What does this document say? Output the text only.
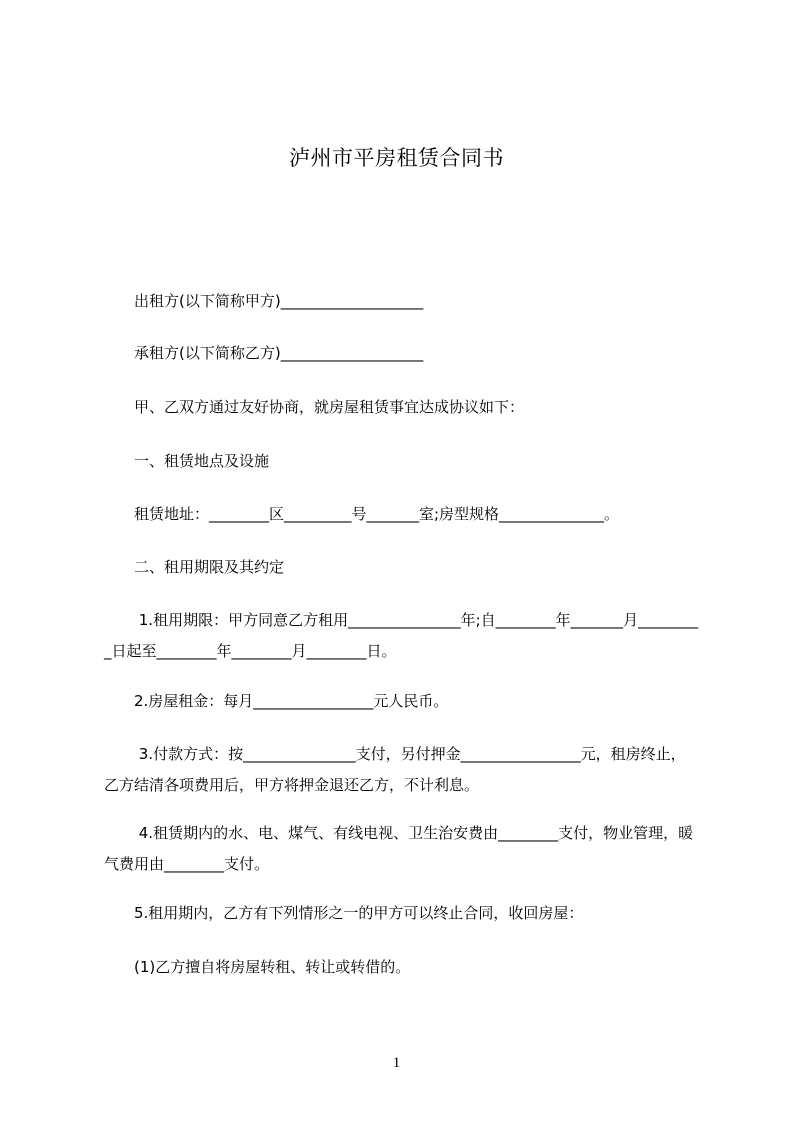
泸州市平房租赁合同书
　　出租方(以下简称甲方)___________________
　　承租方(以下简称乙方)___________________
　　甲、乙双方通过友好协商，就房屋租赁事宜达成协议如下：
　　一、租赁地点及设施
　　租赁地址：________区_________号_______室;房型规格______________。
　　二、租用期限及其约定
　　 1.租用期限：甲方同意乙方租用_______________年;自________年_______月_________日起至________年________月________日。
　　2.房屋租金：每月________________元人民币。
　　 3.付款方式：按_______________支付，另付押金________________元，租房终止，乙方结清各项费用后，甲方将押金退还乙方，不计利息。
　　 4.租赁期内的水、电、煤气、有线电视、卫生治安费由________支付，物业管理，暖气费用由________支付。
　　5.租用期内，乙方有下列情形之一的甲方可以终止合同，收回房屋：
　　(1)乙方擅自将房屋转租、转让或转借的。
1
